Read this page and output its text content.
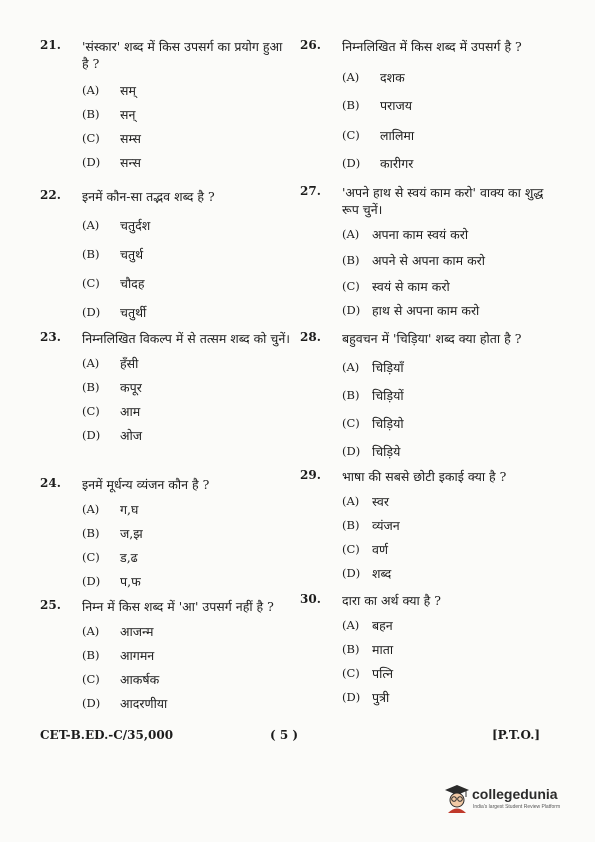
21. 'संस्कार' शब्द में किस उपसर्ग का प्रयोग हुआ है ?
(A) सम्
(B) सन्
(C) सम्स
(D) सन्स
22. इनमें कौन-सा तद्भव शब्द है ?
(A) चतुर्दश
(B) चतुर्थ
(C) चौदह
(D) चतुर्थी
23. निम्नलिखित विकल्प में से तत्सम शब्द को चुनें।
(A) हँसी
(B) कपूर
(C) आम
(D) ओज
24. इनमें मूर्धन्य व्यंजन कौन है ?
(A) ग,घ
(B) ज,झ
(C) ड,ढ
(D) प,फ
25. निम्न में किस शब्द में 'आ' उपसर्ग नहीं है ?
(A) आजन्म
(B) आगमन
(C) आकर्षक
(D) आदरणीया
26. निम्नलिखित में किस शब्द में उपसर्ग है ?
(A) दशक
(B) पराजय
(C) लालिमा
(D) कारीगर
27. 'अपने हाथ से स्वयं काम करो' वाक्य का शुद्ध रूप चुनें।
(A) अपना काम स्वयं करो
(B) अपने से अपना काम करो
(C) स्वयं से काम करो
(D) हाथ से अपना काम करो
28. बहुवचन में 'चिड़िया' शब्द क्या होता है ?
(A) चिड़ियाँ
(B) चिड़ियों
(C) चिड़ियो
(D) चिड़िये
29. भाषा की सबसे छोटी इकाई क्या है ?
(A) स्वर
(B) व्यंजन
(C) वर्ण
(D) शब्द
30. दारा का अर्थ क्या है ?
(A) बहन
(B) माता
(C) पत्नि
(D) पुत्री
CET-B.ED.-C/35,000	( 5 )	[P.T.O.]
collegedunia
India's largest Student Review Platform
